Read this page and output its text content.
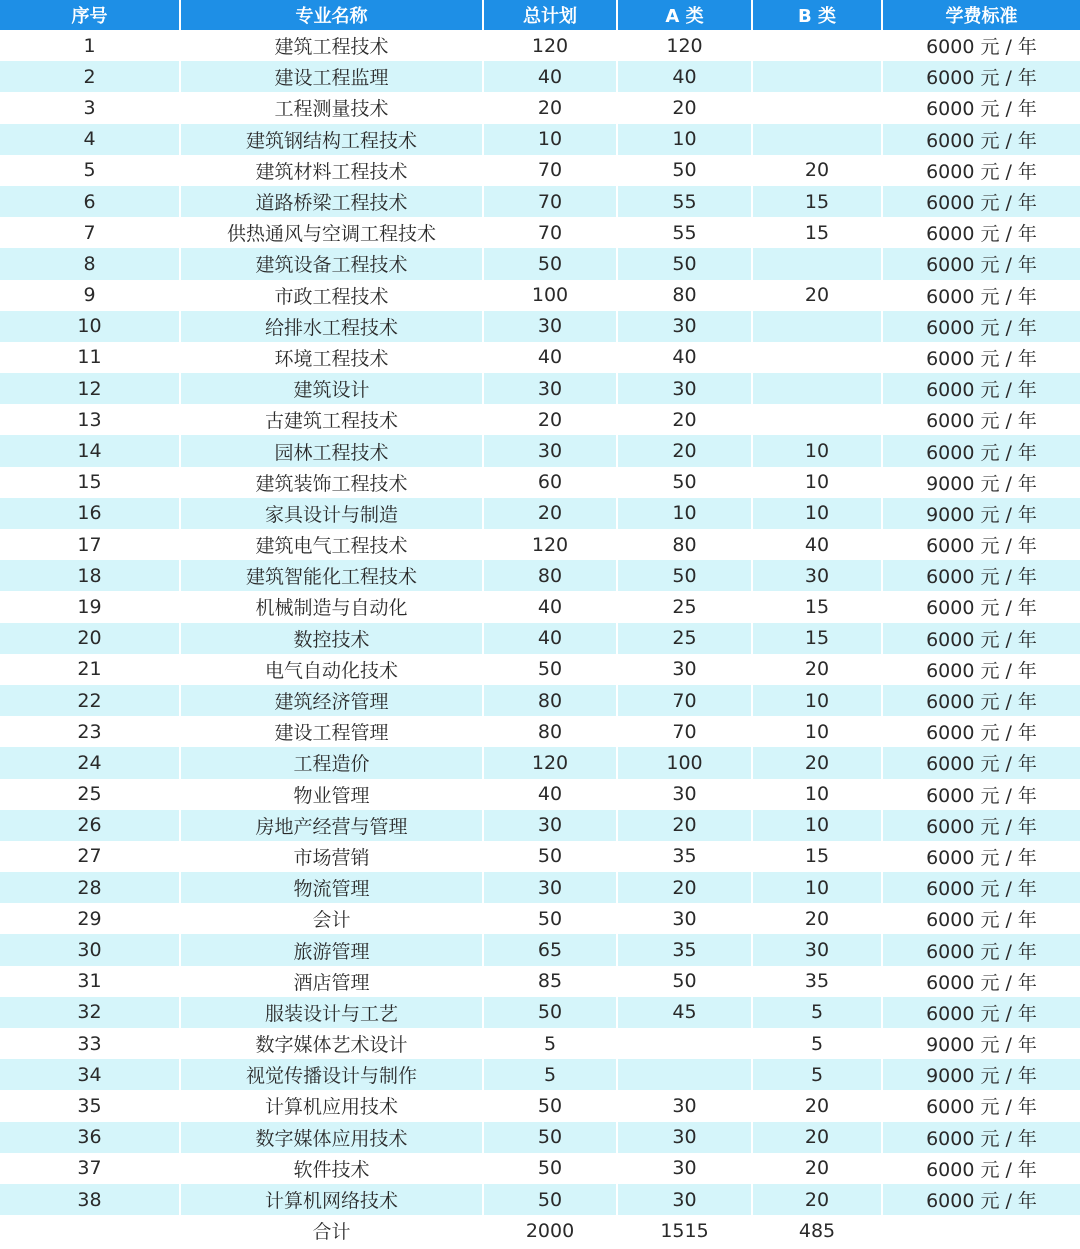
序号	专业名称	总计划	A 类	B 类	学费标准
1	建筑工程技术	120	120		6000 元 / 年
2	建设工程监理	40	40		6000 元 / 年
3	工程测量技术	20	20		6000 元 / 年
4	建筑钢结构工程技术	10	10		6000 元 / 年
5	建筑材料工程技术	70	50	20	6000 元 / 年
6	道路桥梁工程技术	70	55	15	6000 元 / 年
7	供热通风与空调工程技术	70	55	15	6000 元 / 年
8	建筑设备工程技术	50	50		6000 元 / 年
9	市政工程技术	100	80	20	6000 元 / 年
10	给排水工程技术	30	30		6000 元 / 年
11	环境工程技术	40	40		6000 元 / 年
12	建筑设计	30	30		6000 元 / 年
13	古建筑工程技术	20	20		6000 元 / 年
14	园林工程技术	30	20	10	6000 元 / 年
15	建筑装饰工程技术	60	50	10	9000 元 / 年
16	家具设计与制造	20	10	10	9000 元 / 年
17	建筑电气工程技术	120	80	40	6000 元 / 年
18	建筑智能化工程技术	80	50	30	6000 元 / 年
19	机械制造与自动化	40	25	15	6000 元 / 年
20	数控技术	40	25	15	6000 元 / 年
21	电气自动化技术	50	30	20	6000 元 / 年
22	建筑经济管理	80	70	10	6000 元 / 年
23	建设工程管理	80	70	10	6000 元 / 年
24	工程造价	120	100	20	6000 元 / 年
25	物业管理	40	30	10	6000 元 / 年
26	房地产经营与管理	30	20	10	6000 元 / 年
27	市场营销	50	35	15	6000 元 / 年
28	物流管理	30	20	10	6000 元 / 年
29	会计	50	30	20	6000 元 / 年
30	旅游管理	65	35	30	6000 元 / 年
31	酒店管理	85	50	35	6000 元 / 年
32	服装设计与工艺	50	45	5	6000 元 / 年
33	数字媒体艺术设计	5		5	9000 元 / 年
34	视觉传播设计与制作	5		5	9000 元 / 年
35	计算机应用技术	50	30	20	6000 元 / 年
36	数字媒体应用技术	50	30	20	6000 元 / 年
37	软件技术	50	30	20	6000 元 / 年
38	计算机网络技术	50	30	20	6000 元 / 年
	合计	2000	1515	485	
